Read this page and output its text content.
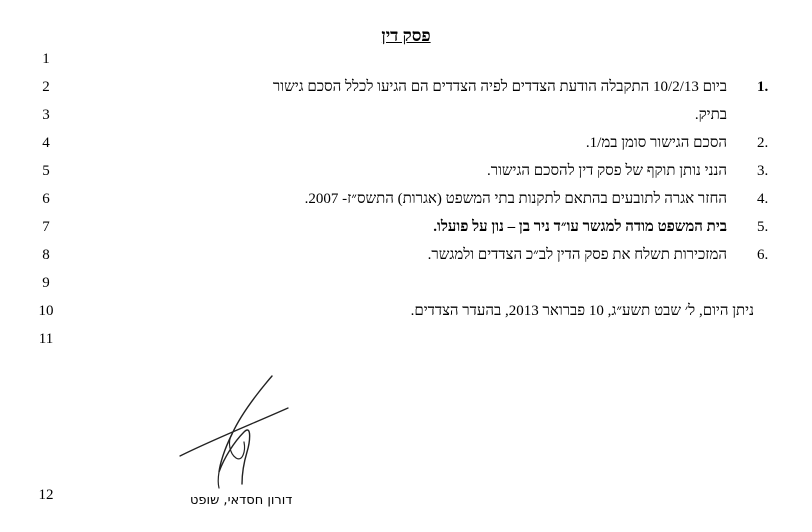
פסק דין
1
2
3
4
5
6
7
8
9
10
11
12
1.
ביום 10/2/13 התקבלה הודעת הצדדים לפיה הצדדים הם הגיעו לכלל הסכם גישור
בתיק.
2.
הסכם הגישור סומן במ/1.
3.
הנני נותן תוקף של פסק דין להסכם הגישור.
4.
החזר אגרה לתובעים בהתאם לתקנות בתי המשפט (אגרות) התשס״ז- 2007.
5.
בית המשפט מודה למגשר עו״ד ניר בן – נון על פועלו.
6.
המזכירות תשלח את פסק הדין לב״כ הצדדים ולמגשר.
ניתן היום, ל׳ שבט תשע״ג, 10 פברואר 2013, בהעדר הצדדים.
דורון חסדאי, שופט
